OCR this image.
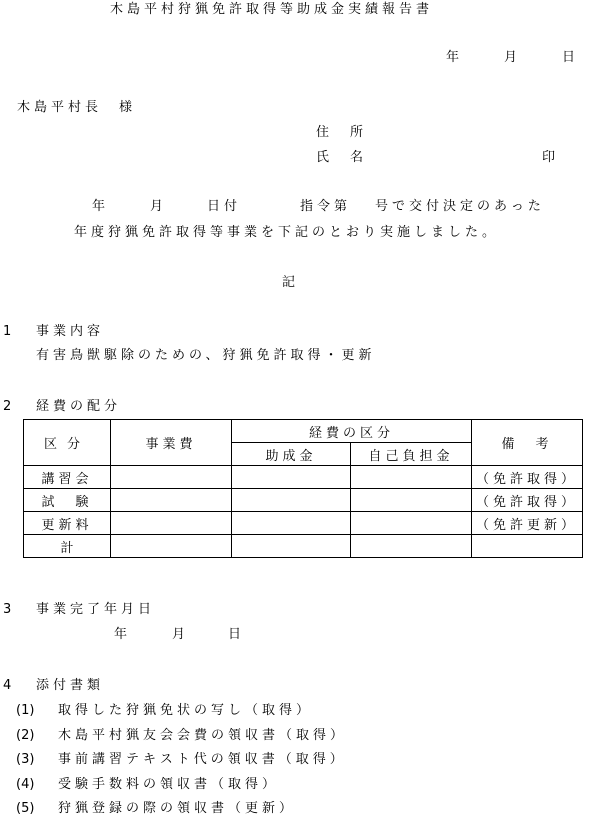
木島平村狩猟免許取得等助成金実績報告書
年	月	日
木島平村長　様
住　所
氏　名	印
年	月	日付	指令第 号で交付決定のあった
年度狩猟免許取得等事業を下記のとおり実施しました。
記
1 事業内容
有害鳥獣駆除のための、狩猟免許取得・更新
2 経費の配分
区分	事業費	経費の区分		備　考
		助成金	自己負担金	
講習会				（免許取得）
試　験				（免許取得）
更新料				（免許更新）
計				
3 事業完了年月日
年	月	日
4 添付書類
(1) 取得した狩猟免状の写し（取得）
(2) 木島平村猟友会会費の領収書（取得）
(3) 事前講習テキスト代の領収書（取得）
(4) 受験手数料の領収書（取得）
(5) 狩猟登録の際の領収書（更新）
